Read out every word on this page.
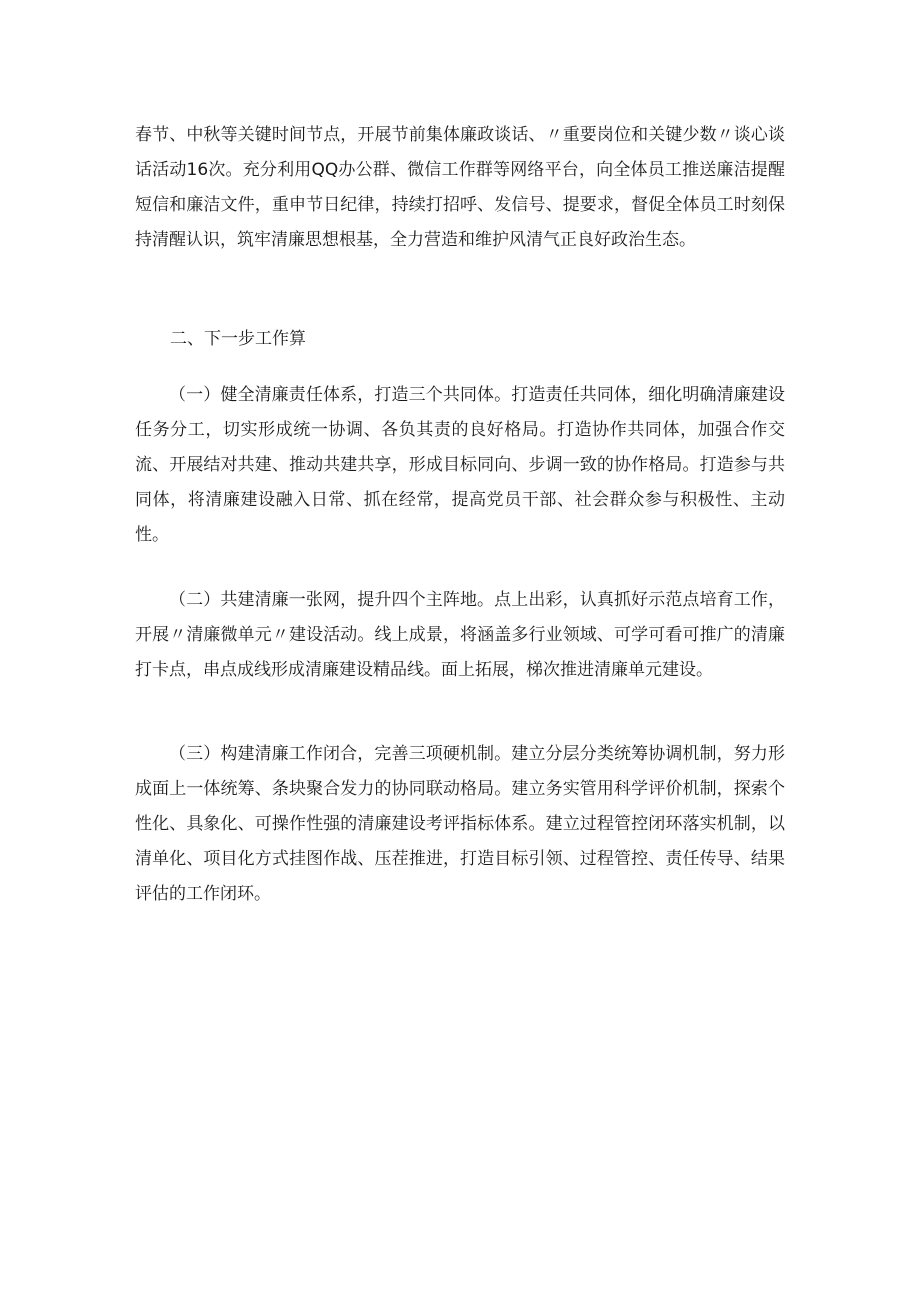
春节、中秋等关键时间节点，开展节前集体廉政谈话、〃重要岗位和关键少数〃谈心谈话活动16次。充分利用QQ办公群、微信工作群等网络平台，向全体员工推送廉洁提醒短信和廉洁文件，重申节日纪律，持续打招呼、发信号、提要求，督促全体员工时刻保持清醒认识，筑牢清廉思想根基，全力营造和维护风清气正良好政治生态。

二、下一步工作算

（一）健全清廉责任体系，打造三个共同体。打造责任共同体，细化明确清廉建设任务分工，切实形成统一协调、各负其责的良好格局。打造协作共同体，加强合作交流、开展结对共建、推动共建共享，形成目标同向、步调一致的协作格局。打造参与共同体，将清廉建设融入日常、抓在经常，提高党员干部、社会群众参与积极性、主动性。

（二）共建清廉一张网，提升四个主阵地。点上出彩，认真抓好示范点培育工作，开展〃清廉微单元〃建设活动。线上成景，将涵盖多行业领域、可学可看可推广的清廉打卡点，串点成线形成清廉建设精品线。面上拓展，梯次推进清廉单元建设。

（三）构建清廉工作闭合，完善三项硬机制。建立分层分类统筹协调机制，努力形成面上一体统筹、条块聚合发力的协同联动格局。建立务实管用科学评价机制，探索个性化、具象化、可操作性强的清廉建设考评指标体系。建立过程管控闭环落实机制，以清单化、项目化方式挂图作战、压茬推进，打造目标引领、过程管控、责任传导、结果评估的工作闭环。
